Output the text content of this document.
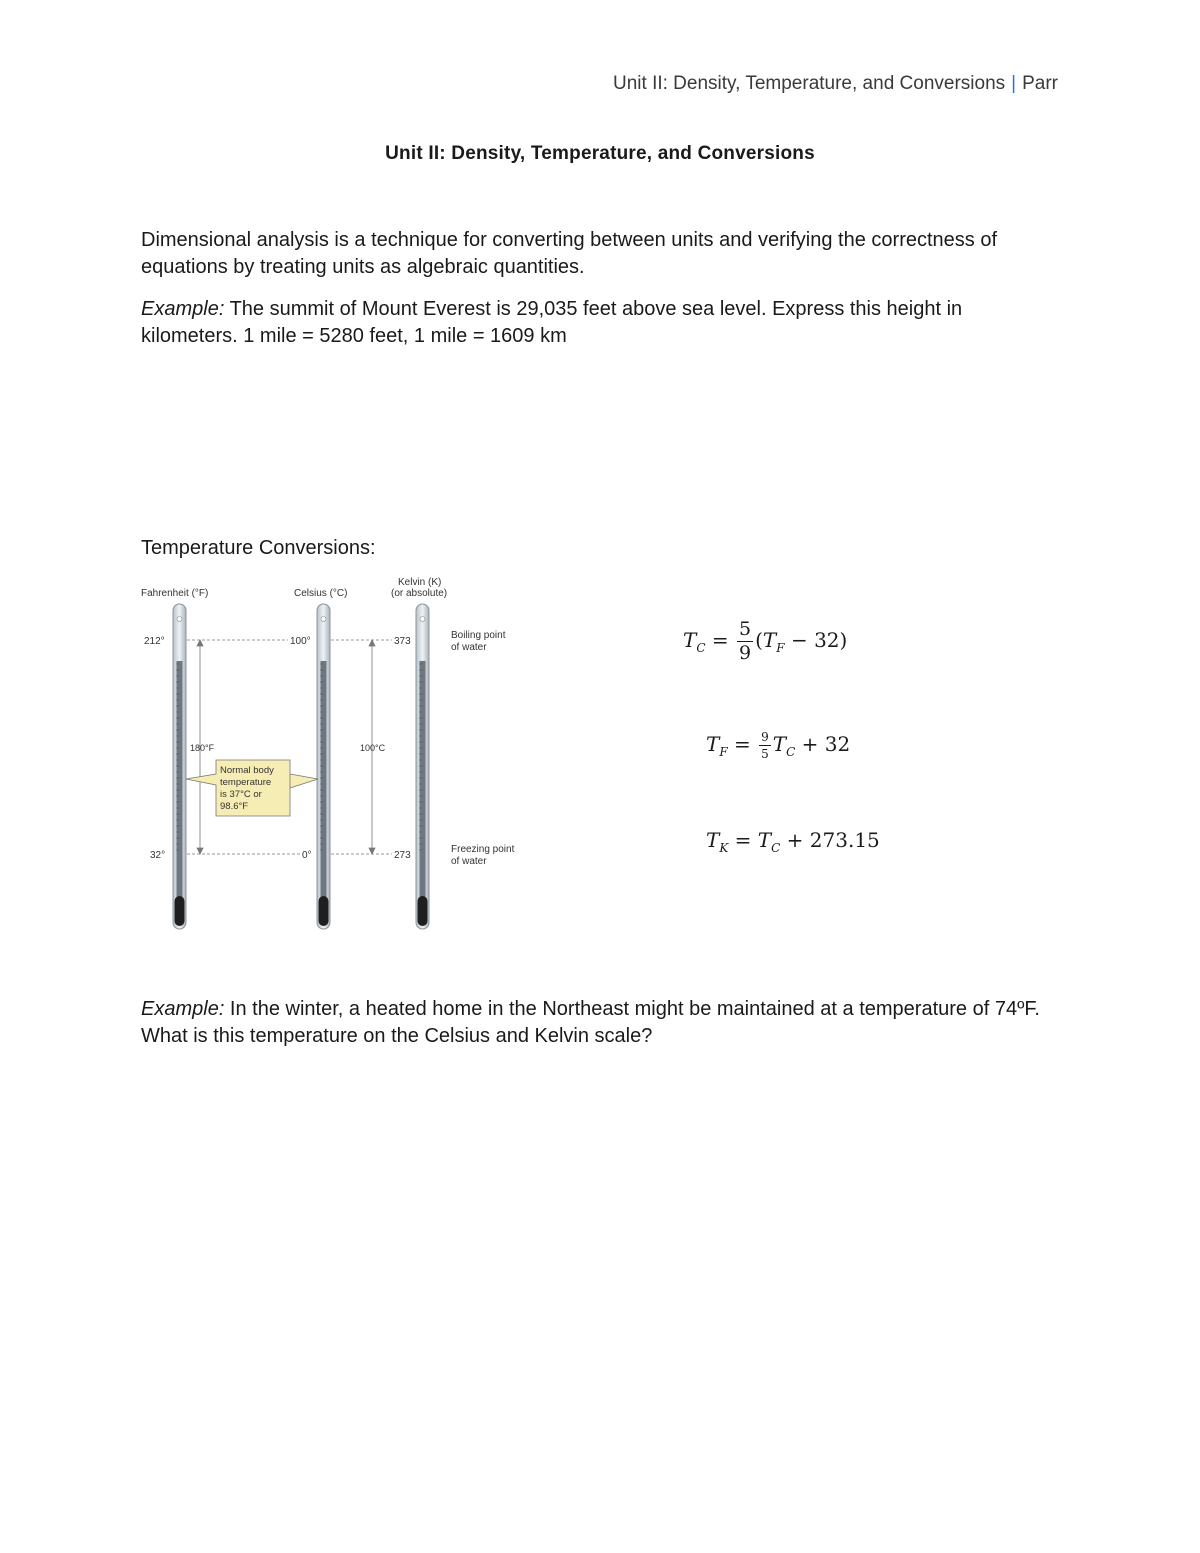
Unit II: Density, Temperature, and Conversions | Parr
Unit II: Density, Temperature, and Conversions
Dimensional analysis is a technique for converting between units and verifying the correctness of equations by treating units as algebraic quantities.
Example: The summit of Mount Everest is 29,035 feet above sea level. Express this height in kilometers. 1 mile = 5280 feet, 1 mile = 1609 km
Temperature Conversions:
Fahrenheit (°F)	Celsius (°C)
Kelvin (K)
(or absolute)
212°	100°	373
Boiling point
of water
180°F	100°C
Normal body
temperature
is 37°C or
98.6°F
32°	0°	273
Freezing point
of water
$T_C = \frac{5}{9} (T_F - 32)$
$T_F = \frac{9}{5} T_C + 32$
$T_K = T_C + 273.15$
Example: In the winter, a heated home in the Northeast might be maintained at a temperature of 74ºF. What is this temperature on the Celsius and Kelvin scale?
